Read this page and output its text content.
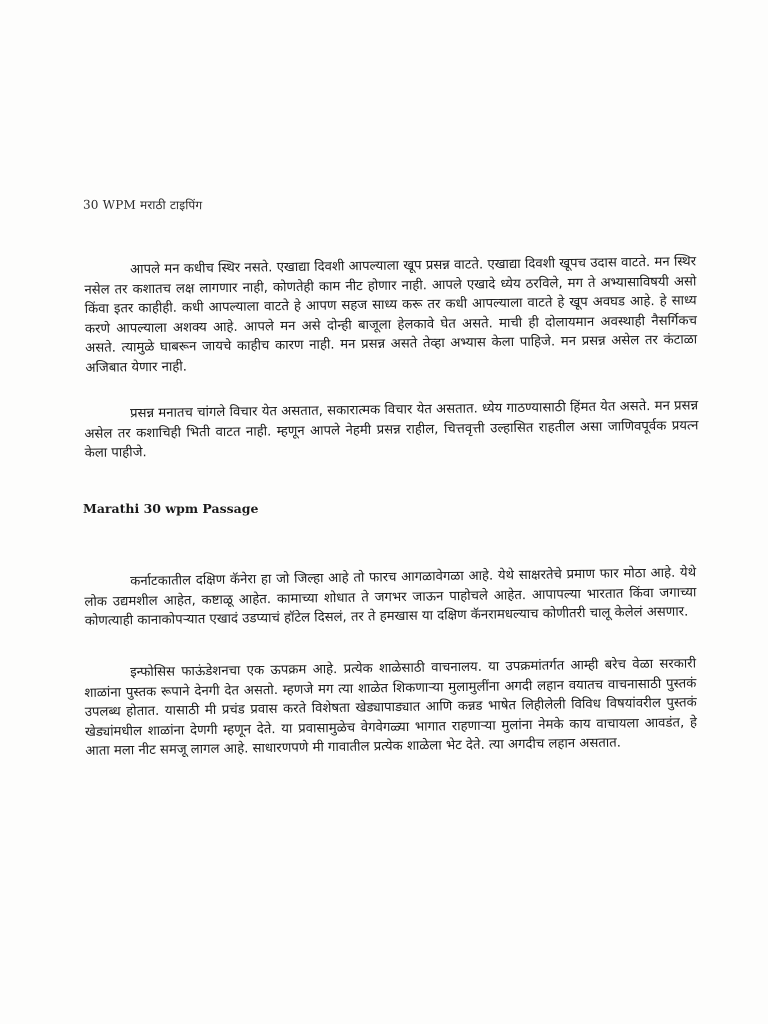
30 WPM मराठी टाइपिंग
आपले मन कधीच स्थिर नसते. एखाद्या दिवशी आपल्याला खूप प्रसन्न वाटते. एखाद्या दिवशी खूपच उदास वाटते. मन स्थिर नसेल तर कशातच लक्ष लागणार नाही, कोणतेही काम नीट होणार नाही. आपले एखादे ध्येय ठरविले, मग ते अभ्यासाविषयी असो किंवा इतर काहीही. कधी आपल्याला वाटते हे आपण सहज साध्य करू तर कधी आपल्याला वाटते हे खूप अवघड आहे. हे साध्य करणे आपल्याला अशक्य आहे. आपले मन असे दोन्ही बाजूला हेलकावे घेत असते. माची ही दोलायमान अवस्थाही नैसर्गिकच असते. त्यामुळे घाबरून जायचे काहीच कारण नाही. मन प्रसन्न असते तेव्हा अभ्यास केला पाहिजे. मन प्रसन्न असेल तर कंटाळा अजिबात येणार नाही.
प्रसन्न मनातच चांगले विचार येत असतात, सकारात्मक विचार येत असतात. ध्येय गाठण्यासाठी हिंमत येत असते. मन प्रसन्न असेल तर कशाचिही भिती वाटत नाही. म्हणून आपले नेहमी प्रसन्न राहील, चित्तवृत्ती उल्हासित राहतील असा जाणिवपूर्वक प्रयत्न केला पाहीजे.
Marathi 30 wpm Passage
कर्नाटकातील दक्षिण कॅनेरा हा जो जिल्हा आहे तो फारच आगळावेगळा आहे. येथे साक्षरतेचे प्रमाण फार मोठा आहे. येथे लोक उद्यमशील आहेत, कष्टाळू आहेत. कामाच्या शोधात ते जगभर जाऊन पाहोचले आहेत. आपापल्या भारतात किंवा जगाच्या कोणत्याही कानाकोपऱ्यात एखादं उडप्याचं हॉटेल दिसलं, तर ते हमखास या दक्षिण कॅनरामधल्याच कोणीतरी चालू केलेलं असणार.
इन्फोसिस फाऊंडेशनचा एक ऊपक्रम आहे. प्रत्येक शाळेसाठी वाचनालय. या उपक्रमांतर्गत आम्ही बरेच वेळा सरकारी शाळांना पुस्तक रूपाने देनगी देत असतो. म्हणजे मग त्या शाळेत शिकणाऱ्या मुलामुलींना अगदी लहान वयातच वाचनासाठी पुस्तकं उपलब्ध होतात. यासाठी मी प्रचंड प्रवास करते विशेषता खेड्यापाड्यात आणि कन्नड भाषेत लिहीलेली विविध विषयांवरील पुस्तकं खेड्यांमधील शाळांना देणगी म्हणून देते. या प्रवासामुळेच वेगवेगळ्या भागात राहणाऱ्या मुलांना नेमके काय वाचायला आवडंत, हे आता मला नीट समजू लागल आहे. साधारणपणे मी गावातील प्रत्येक शाळेला भेट देते. त्या अगदीच लहान असतात.
